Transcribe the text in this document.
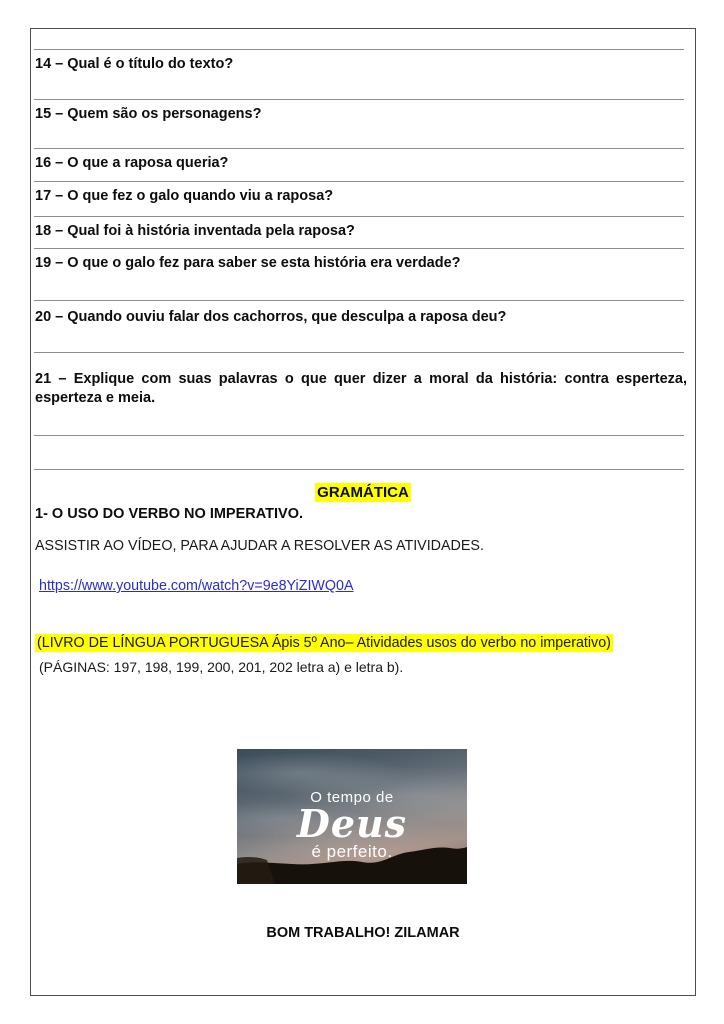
14 – Qual é o título do texto?
15 – Quem são os personagens?
16 – O que a raposa queria?
17 – O que fez o galo quando viu a raposa?
18 – Qual foi à história inventada pela raposa?
19 – O que o galo fez para saber se esta história era verdade?
20 – Quando ouviu falar dos cachorros, que desculpa a raposa deu?
21 – Explique com suas palavras o que quer dizer a moral da história: contra esperteza, esperteza e meia.
GRAMÁTICA
1- O USO DO VERBO NO IMPERATIVO.
ASSISTIR AO VÍDEO, PARA AJUDAR A RESOLVER AS ATIVIDADES.
https://www.youtube.com/watch?v=9e8YiZIWQ0A
(LIVRO DE LÍNGUA PORTUGUESA Ápis 5º Ano– Atividades usos do verbo no imperativo)
(PÁGINAS: 197, 198, 199, 200, 201, 202 letra a) e letra b).
O tempo de
Deus
é perfeito.
BOM TRABALHO! ZILAMAR
